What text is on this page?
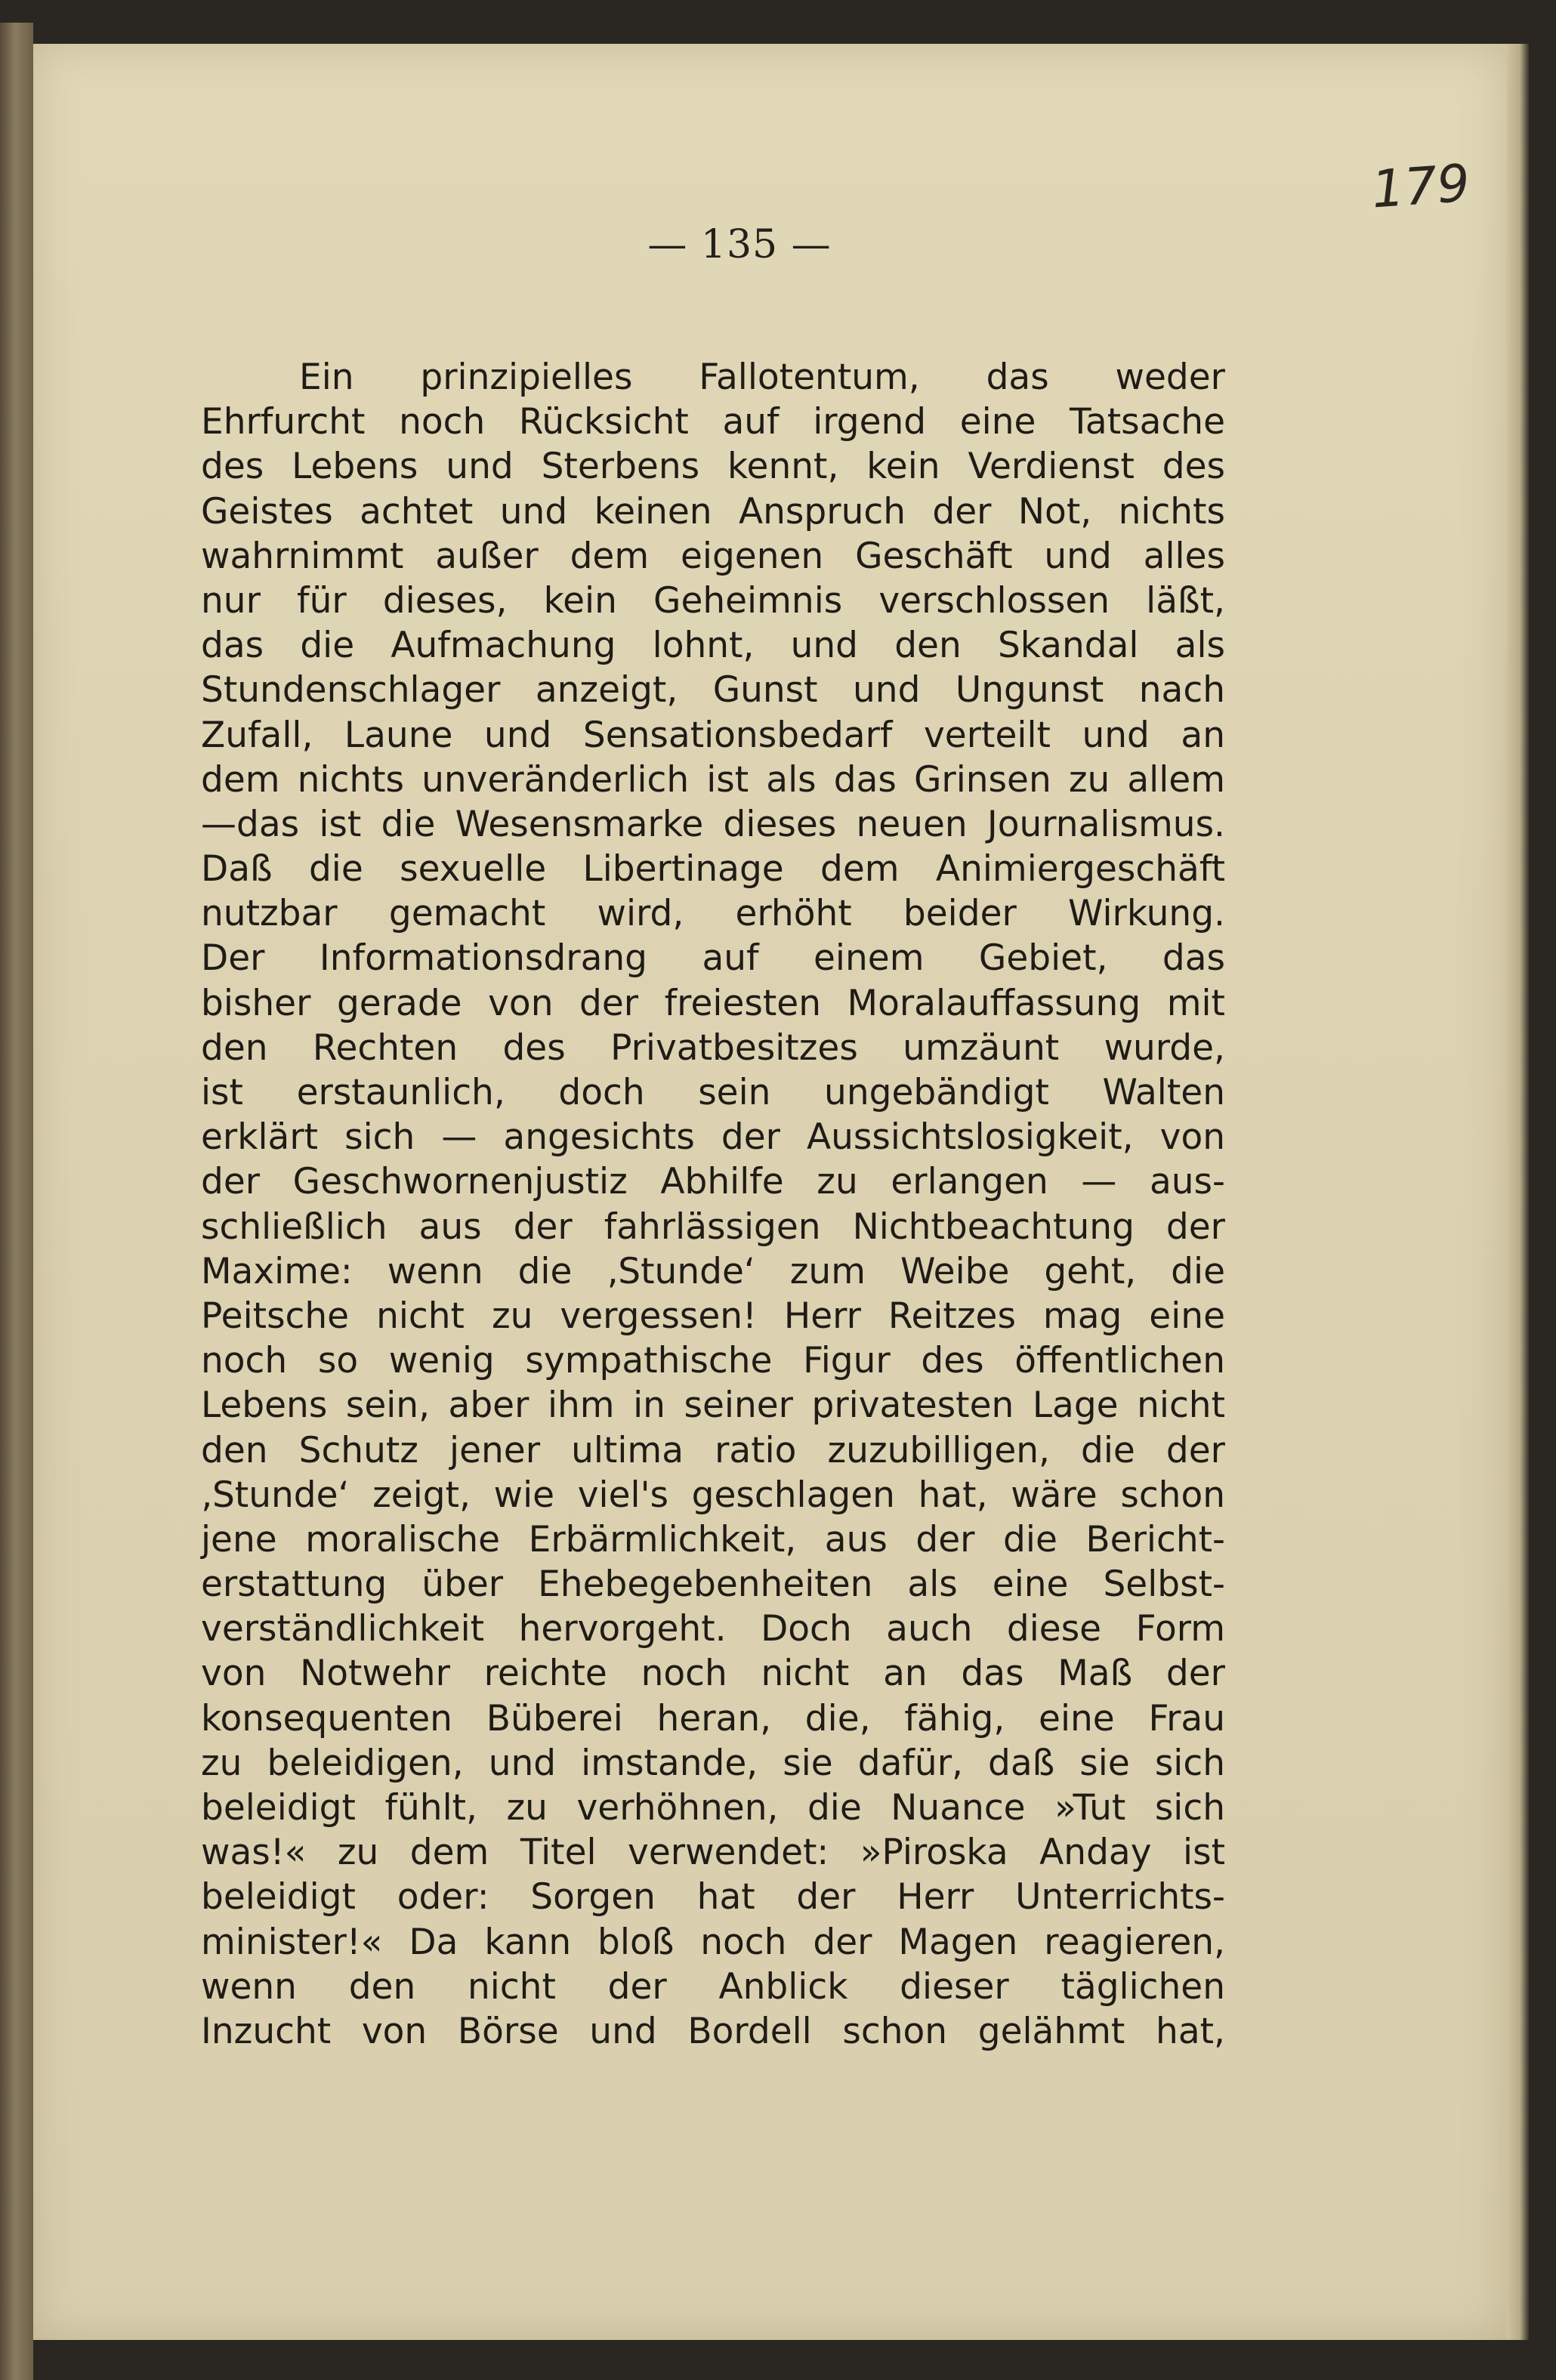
— 135 —

179

Ein prinzipielles Fallotentum, das weder
Ehrfurcht noch Rücksicht auf irgend eine Tatsache
des Lebens und Sterbens kennt, kein Verdienst des
Geistes achtet und keinen Anspruch der Not, nichts
wahrnimmt außer dem eigenen Geschäft und alles
nur für dieses, kein Geheimnis verschlossen läßt,
das die Aufmachung lohnt, und den Skandal als
Stundenschlager anzeigt, Gunst und Ungunst nach
Zufall, Laune und Sensationsbedarf verteilt und an
dem nichts unveränderlich ist als das Grinsen zu allem
—das ist die Wesensmarke dieses neuen Journalismus.
Daß die sexuelle Libertinage dem Animiergeschäft
nutzbar gemacht wird, erhöht beider Wirkung.
Der Informationsdrang auf einem Gebiet, das
bisher gerade von der freiesten Moralauffassung mit
den Rechten des Privatbesitzes umzäunt wurde,
ist erstaunlich, doch sein ungebändigt Walten
erklärt sich — angesichts der Aussichtslosigkeit, von
der Geschwornenjustiz Abhilfe zu erlangen — aus-
schließlich aus der fahrlässigen Nichtbeachtung der
Maxime: wenn die ‚Stunde‘ zum Weibe geht, die
Peitsche nicht zu vergessen! Herr Reitzes mag eine
noch so wenig sympathische Figur des öffentlichen
Lebens sein, aber ihm in seiner privatesten Lage nicht
den Schutz jener ultima ratio zuzubilligen, die der
‚Stunde‘ zeigt, wie viel's geschlagen hat, wäre schon
jene moralische Erbärmlichkeit, aus der die Bericht-
erstattung über Ehebegebenheiten als eine Selbst-
verständlichkeit hervorgeht. Doch auch diese Form
von Notwehr reichte noch nicht an das Maß der
konsequenten Büberei heran, die, fähig, eine Frau
zu beleidigen, und imstande, sie dafür, daß sie sich
beleidigt fühlt, zu verhöhnen, die Nuance »Tut sich
was!« zu dem Titel verwendet: »Piroska Anday ist
beleidigt oder: Sorgen hat der Herr Unterrichts-
minister!« Da kann bloß noch der Magen reagieren,
wenn den nicht der Anblick dieser täglichen
Inzucht von Börse und Bordell schon gelähmt hat,
